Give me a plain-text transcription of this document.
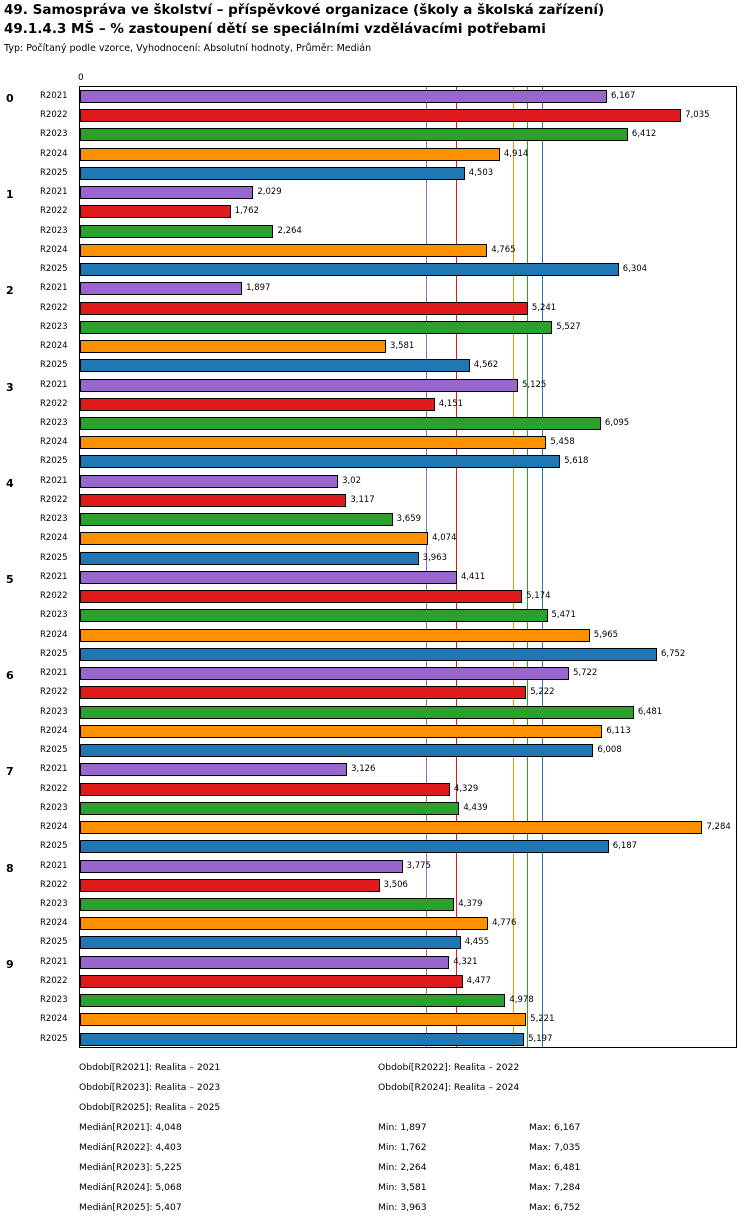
49. Samospráva ve školství – příspěvkové organizace (školy a školská zařízení)
49.1.4.3 MŠ – % zastoupení dětí se speciálními vzdělávacími potřebami
Typ: Počítaný podle vzorce, Vyhodnocení: Absolutní hodnoty, Průměr: Medián
0
0	R2021	6,167
R2022	7,035
R2023	6,412
R2024	4,914
R2025	4,503
1	R2021	2,029
R2022	1,762
R2023	2,264
R2024	4,765
R2025	6,304
2	R2021	1,897
R2022	5,241
R2023	5,527
R2024	3,581
R2025	4,562
3	R2021	5,125
R2022	4,151
R2023	6,095
R2024	5,458
R2025	5,618
4	R2021	3,02
R2022	3,117
R2023	3,659
R2024	4,074
R2025	3,963
5	R2021	4,411
R2022	5,174
R2023	5,471
R2024	5,965
R2025	6,752
6	R2021	5,722
R2022	5,222
R2023	6,481
R2024	6,113
R2025	6,008
7	R2021	3,126
R2022	4,329
R2023	4,439
R2024	7,284
R2025	6,187
8	R2021	3,775
R2022	3,506
R2023	4,379
R2024	4,776
R2025	4,455
9	R2021	4,321
R2022	4,477
R2023	4,978
R2024	5,221
R2025	5,197
Období[R2021]: Realita – 2021	Období[R2022]: Realita – 2022
Období[R2023]: Realita – 2023	Období[R2024]: Realita – 2024
Období[R2025]: Realita – 2025
Medián[R2021]: 4,048	Min: 1,897	Max: 6,167
Medián[R2022]: 4,403	Min: 1,762	Max: 7,035
Medián[R2023]: 5,225	Min: 2,264	Max: 6,481
Medián[R2024]: 5,068	Min: 3,581	Max: 7,284
Medián[R2025]: 5,407	Min: 3,963	Max: 6,752
